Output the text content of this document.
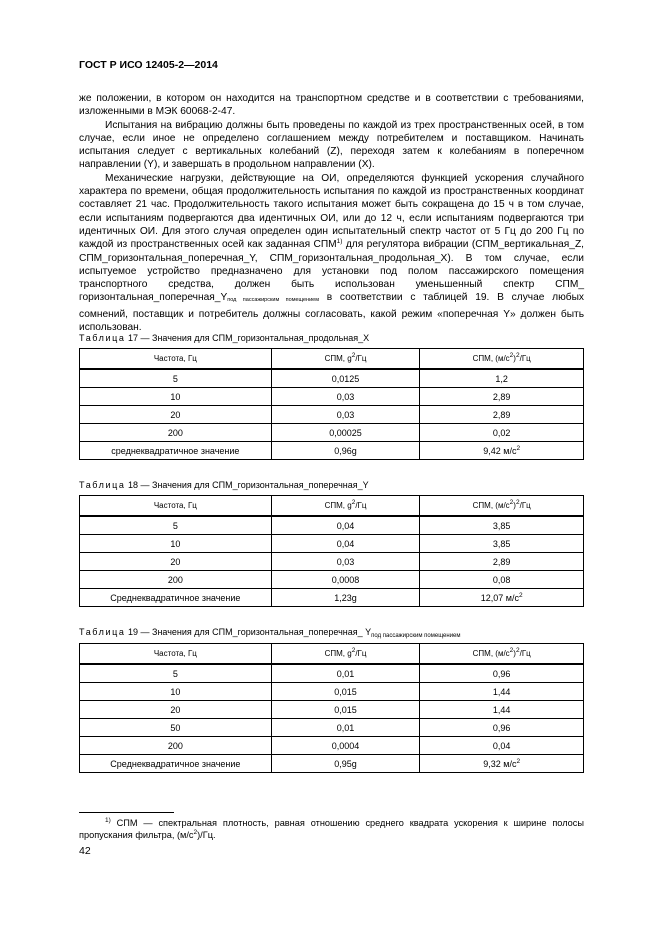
ГОСТ Р ИСО 12405-2—2014

же положении, в котором он находится на транспортном средстве и в соответствии с требованиями, изложенными в МЭК 60068-2-47.

Испытания на вибрацию должны быть проведены по каждой из трех пространственных осей, в том случае, если иное не определено соглашением между потребителем и поставщиком. Начинать испытания следует с вертикальных колебаний (Z), переходя затем к колебаниям в поперечном направлении (Y), и завершать в продольном направлении (X).

Механические нагрузки, действующие на ОИ, определяются функцией ускорения случайного характера по времени, общая продолжительность испытания по каждой из пространственных координат составляет 21 час. Продолжительность такого испытания может быть сокращена до 15 ч в том случае, если испытаниям подвергаются два идентичных ОИ, или до 12 ч, если испытаниям подвергаются три идентичных ОИ. Для этого случая определен один испытательный спектр частот от 5 Гц до 200 Гц по каждой из пространственных осей как заданная СПМ$^{1)}$ для регулятора вибрации (СПМ_вертикальная_Z, СПМ_горизонтальная_поперечная_Y, СПМ_горизонтальная_продольная_X). В том случае, если испытуемое устройство предназначено для установки под полом пассажирского помещения транспортного средства, должен быть использован уменьшенный спектр СПМ_ горизонтальная_поперечная_Yпод пассажирским помещением в соответствии с таблицей 19. В случае любых сомнений, поставщик и потребитель должны согласовать, какой режим «поперечная Y» должен быть использован.

Таблица 17 — Значения для СПМ_горизонтальная_продольная_X
Частота, Гц	СПМ, $g^2/Гц$	СПМ, $(м/с^2)^2/Гц$
5	0,0125	1,2
10	0,03	2,89
20	0,03	2,89
200	0,00025	0,02
среднеквадратичное значение	0,96g	9,42 $м/с^2$
Таблица 18 — Значения для СПМ_горизонтальная_поперечная_Y
Частота, Гц	СПМ, $g^2/Гц$	СПМ, $(м/с^2)^2/Гц$
5	0,04	3,85
10	0,04	3,85
20	0,03	2,89
200	0,0008	0,08
Среднеквадратичное значение	1,23g	12,07 $м/с^2$
Таблица 19 — Значения для СПМ_горизонтальная_поперечная_ $Y_{под пассажирским помещением}$
Частота, Гц	СПМ, $g^2/Гц$	СПМ, $(м/с^2)^2/Гц$
5	0,01	0,96
10	0,015	1,44
20	0,015	1,44
50	0,01	0,96
200	0,0004	0,04
Среднеквадратичное значение	0,95g	9,32 $м/с^2$

$^{1)}$ СПМ — спектральная плотность, равная отношению среднего квадрата ускорения к ширине полосы пропускания фильтра, $(м/с^2)/Гц$.

42
